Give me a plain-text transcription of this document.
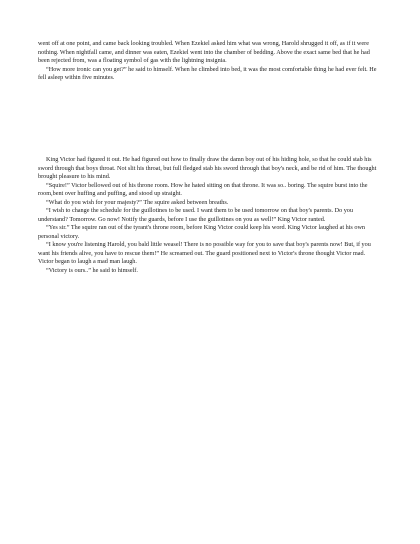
went off at one point, and came back looking troubled. When Ezekiel asked him what was wrong, Harold shrugged it off, as if it were nothing. When nightfall came, and dinner was eaten, Ezekiel went into the chamber of bedding. Above the exact same bed that he had been rejected from, was a floating symbol of gas with the lightning insignia.

“How more ironic can you get?” he said to himself. When he climbed into bed, it was the most comfortable thing he had ever felt. He fell asleep within five minutes.

King Victor had figured it out. He had figured out how to finally draw the damn boy out of his hiding hole, so that he could stab his sword through that boys throat. Not slit his throat, but full fledged stab his sword through that boy's neck, and be rid of him. The thought brought pleasure to his mind.

“Squire!” Victor bellowed out of his throne room. How he hated sitting on that throne. It was so.. boring. The squire burst into the room,bent over huffing and puffing, and stood up straight.

“What do you wish for your majesty?” The squire asked between breaths.

“I wish to change the schedule for the guillotines to be used. I want them to be used tomorrow on that boy's parents. Do you understand? Tomorrow. Go now! Notify the guards, before I use the guillotines on you as well!” King Victor ranted.

“Yes sir.” The squire ran out of the tyrant's throne room, before King Victor could keep his word. King Victor laughed at his own personal victory.

“I know you're listening Harold, you bald little weasel! There is no possible way for you to save that boy's parents now! But, if you want his friends alive, you have to rescue them!” He screamed out. The guard positioned next to Victor's throne thought Victor mad. Victor began to laugh a mad man laugh.

“Victory is ours..” he said to himself.
